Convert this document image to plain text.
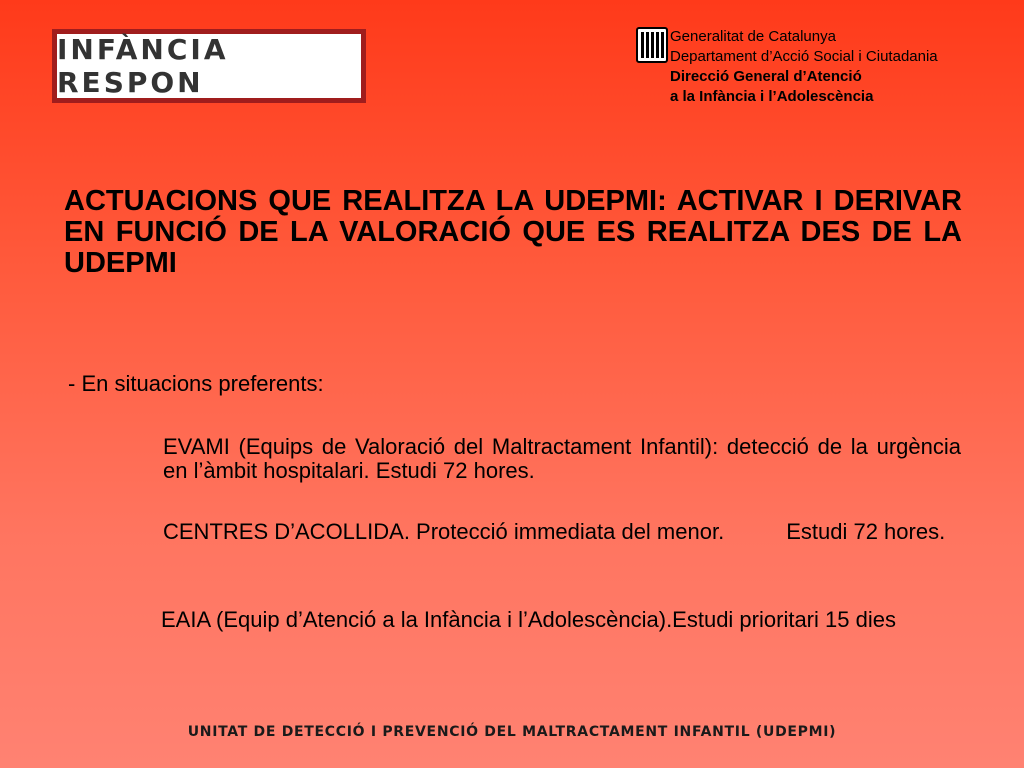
INFÀNCIA RESPON
Generalitat de Catalunya
Departament d’Acció Social i Ciutadania
Direcció General d’Atenció
a la Infància i l’Adolescència
ACTUACIONS QUE REALITZA LA UDEPMI: ACTIVAR I DERIVAR EN FUNCIÓ DE LA VALORACIÓ QUE ES REALITZA DES DE LA UDEPMI

- En situacions preferents:

EVAMI (Equips de Valoració del Maltractament Infantil): detecció de la urgència en l’àmbit hospitalari. Estudi 72 hores.

CENTRES D’ACOLLIDA. Protecció immediata del menor.	Estudi 72 hores.

EAIA (Equip d’Atenció a la Infància i l’Adolescència).Estudi prioritari 15 dies

UNITAT DE DETECCIÓ I PREVENCIÓ DEL MALTRACTAMENT INFANTIL (UDEPMI)
